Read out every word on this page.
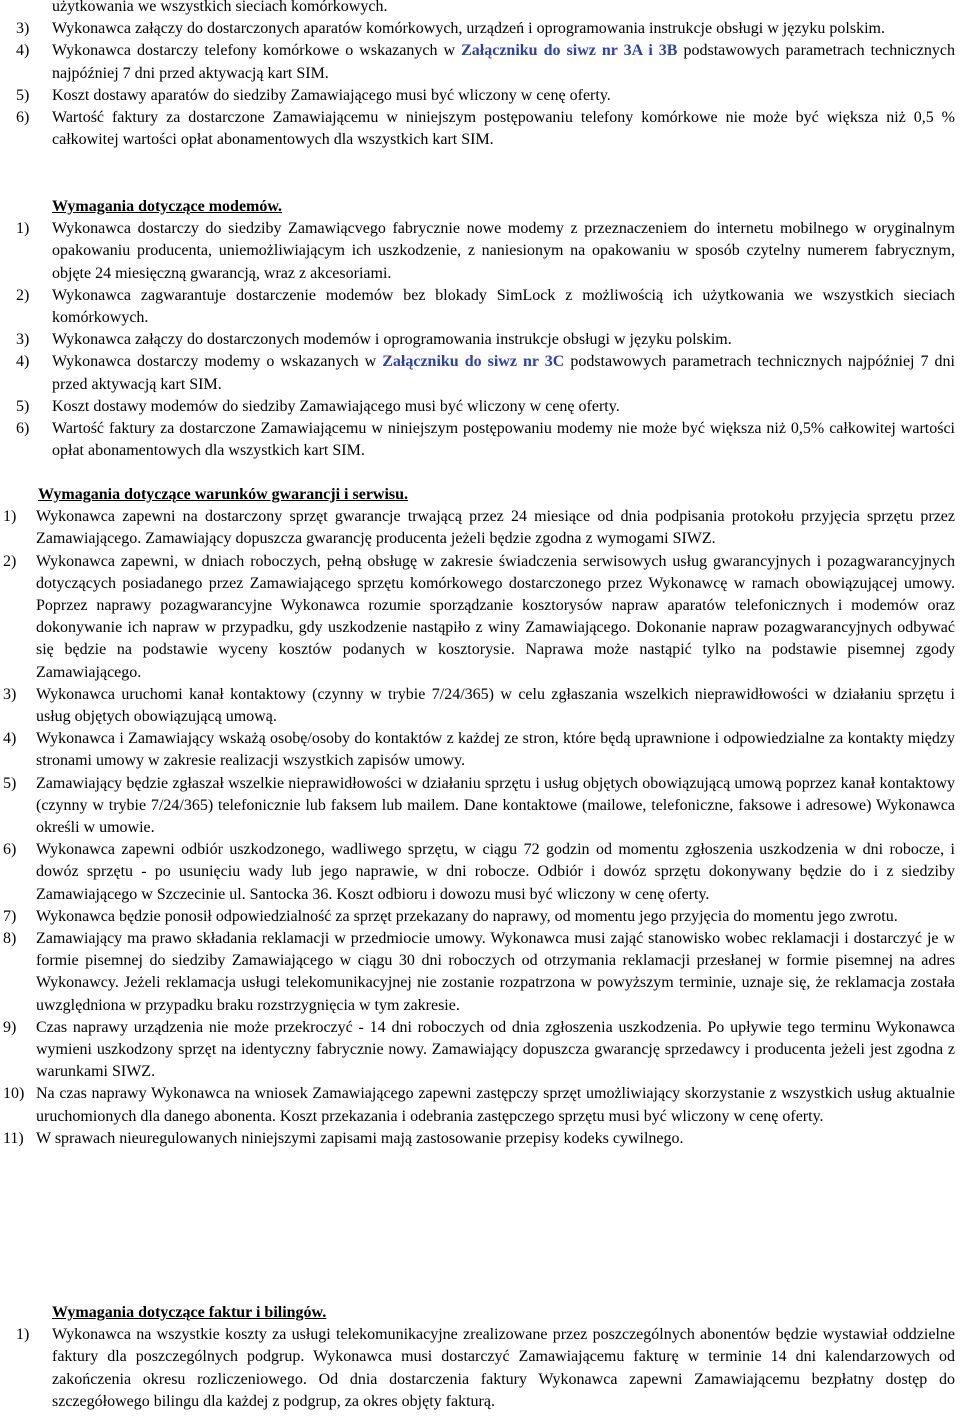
użytkowania we wszystkich sieciach komórkowych.

3) Wykonawca załączy do dostarczonych aparatów komórkowych, urządzeń i oprogramowania instrukcje obsługi w języku polskim.
4) Wykonawca dostarczy telefony komórkowe o wskazanych w Załączniku do siwz nr 3A i 3B podstawowych parametrach technicznych najpóźniej 7 dni przed aktywacją kart SIM.
5) Koszt dostawy aparatów do siedziby Zamawiającego musi być wliczony w cenę oferty.
6) Wartość faktury za dostarczone Zamawiającemu w niniejszym postępowaniu telefony komórkowe nie może być większa niż 0,5 % całkowitej wartości opłat abonamentowych dla wszystkich kart SIM.

Wymagania dotyczące modemów.

1) Wykonawca dostarczy do siedziby Zamawiącvego fabrycznie nowe modemy z przeznaczeniem do internetu mobilnego w oryginalnym opakowaniu producenta, uniemożliwiającym ich uszkodzenie, z naniesionym na opakowaniu w sposób czytelny numerem fabrycznym, objęte 24 miesięczną gwarancją, wraz z akcesoriami.
2) Wykonawca zagwarantuje dostarczenie modemów bez blokady SimLock z możliwością ich użytkowania we wszystkich sieciach komórkowych.
3) Wykonawca załączy do dostarczonych modemów i oprogramowania instrukcje obsługi w języku polskim.
4) Wykonawca dostarczy modemy o wskazanych w Załączniku do siwz nr 3C podstawowych parametrach technicznych najpóźniej 7 dni przed aktywacją kart SIM.
5) Koszt dostawy modemów do siedziby Zamawiającego musi być wliczony w cenę oferty.
6) Wartość faktury za dostarczone Zamawiającemu w niniejszym postępowaniu modemy nie może być większa niż 0,5% całkowitej wartości opłat abonamentowych dla wszystkich kart SIM.

Wymagania dotyczące warunków gwarancji i serwisu.

1) Wykonawca zapewni na dostarczony sprzęt gwarancje trwającą przez 24 miesiące od dnia podpisania protokołu przyjęcia sprzętu przez Zamawiającego. Zamawiający dopuszcza gwarancję producenta jeżeli będzie zgodna z wymogami SIWZ.
2) Wykonawca zapewni, w dniach roboczych, pełną obsługę w zakresie świadczenia serwisowych usług gwarancyjnych i pozagwarancyjnych dotyczących posiadanego przez Zamawiającego sprzętu komórkowego dostarczonego przez Wykonawcę w ramach obowiązującej umowy. Poprzez naprawy pozagwarancyjne Wykonawca rozumie sporządzanie kosztorysów napraw aparatów telefonicznych i modemów oraz dokonywanie ich napraw w przypadku, gdy uszkodzenie nastąpiło z winy Zamawiającego. Dokonanie napraw pozagwarancyjnych odbywać się będzie na podstawie wyceny kosztów podanych w kosztorysie. Naprawa może nastąpić tylko na podstawie pisemnej zgody Zamawiającego.
3) Wykonawca uruchomi kanał kontaktowy (czynny w trybie 7/24/365) w celu zgłaszania wszelkich nieprawidłowości w działaniu sprzętu i usług objętych obowiązującą umową.
4) Wykonawca i Zamawiający wskażą osobę/osoby do kontaktów z każdej ze stron, które będą uprawnione i odpowiedzialne za kontakty między stronami umowy w zakresie realizacji wszystkich zapisów umowy.
5) Zamawiający będzie zgłaszał wszelkie nieprawidłowości w działaniu sprzętu i usług objętych obowiązującą umową poprzez kanał kontaktowy (czynny w trybie 7/24/365) telefonicznie lub faksem lub mailem. Dane kontaktowe (mailowe, telefoniczne, faksowe i adresowe) Wykonawca określi w umowie.
6) Wykonawca zapewni odbiór uszkodzonego, wadliwego sprzętu, w ciągu 72 godzin od momentu zgłoszenia uszkodzenia w dni robocze, i dowóz sprzętu - po usunięciu wady lub jego naprawie, w dni robocze. Odbiór i dowóz sprzętu dokonywany będzie do i z siedziby Zamawiającego w Szczecinie ul. Santocka 36. Koszt odbioru i dowozu musi być wliczony w cenę oferty.
7) Wykonawca będzie ponosił odpowiedzialność za sprzęt przekazany do naprawy, od momentu jego przyjęcia do momentu jego zwrotu.
8) Zamawiający ma prawo składania reklamacji w przedmiocie umowy. Wykonawca musi zająć stanowisko wobec reklamacji i dostarczyć je w formie pisemnej do siedziby Zamawiającego w ciągu 30 dni roboczych od otrzymania reklamacji przesłanej w formie pisemnej na adres Wykonawcy. Jeżeli reklamacja usługi telekomunikacyjnej nie zostanie rozpatrzona w powyższym terminie, uznaje się, że reklamacja została uwzględniona w przypadku braku rozstrzygnięcia w tym zakresie.
9) Czas naprawy urządzenia nie może przekroczyć - 14 dni roboczych od dnia zgłoszenia uszkodzenia. Po upływie tego terminu Wykonawca wymieni uszkodzony sprzęt na identyczny fabrycznie nowy. Zamawiający dopuszcza gwarancję sprzedawcy i producenta jeżeli jest zgodna z warunkami SIWZ.
10) Na czas naprawy Wykonawca na wniosek Zamawiającego zapewni zastępczy sprzęt umożliwiający skorzystanie z wszystkich usług aktualnie uruchomionych dla danego abonenta. Koszt przekazania i odebrania zastępczego sprzętu musi być wliczony w cenę oferty.
11) W sprawach nieuregulowanych niniejszymi zapisami mają zastosowanie przepisy kodeks cywilnego.

Wymagania dotyczące faktur i bilingów.

1) Wykonawca na wszystkie koszty za usługi telekomunikacyjne zrealizowane przez poszczególnych abonentów będzie wystawiał oddzielne faktury dla poszczególnych podgrup. Wykonawca musi dostarczyć Zamawiającemu fakturę w terminie 14 dni kalendarzowych od zakończenia okresu rozliczeniowego. Od dnia dostarczenia faktury Wykonawca zapewni Zamawiającemu bezpłatny dostęp do szczegółowego bilingu dla każdej z podgrup, za okres objęty fakturą.
